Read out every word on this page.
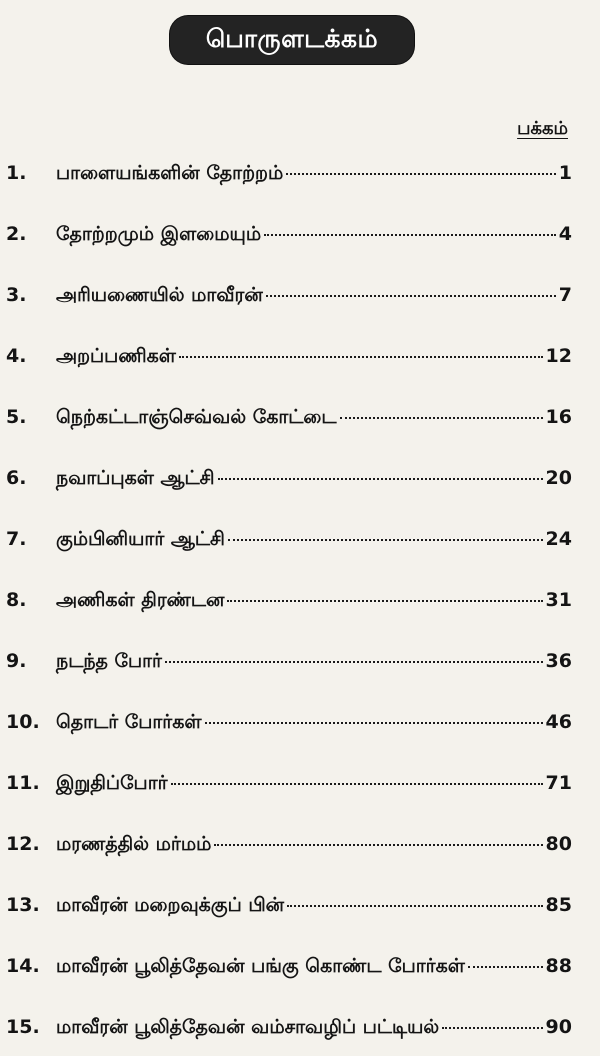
பொருளடக்கம்
பக்கம்
1.	பாளையங்களின் தோற்றம்	1
2.	தோற்றமும் இளமையும்	4
3.	அரியணையில் மாவீரன்	7
4.	அறப்பணிகள்	12
5.	நெற்கட்டாஞ்செவ்வல் கோட்டை	16
6.	நவாப்புகள் ஆட்சி	20
7.	கும்பினியார் ஆட்சி	24
8.	அணிகள் திரண்டன	31
9.	நடந்த போர்	36
10. தொடர் போர்கள்	46
11. இறுதிப்போர்	71
12. மரணத்தில் மர்மம்	80
13. மாவீரன் மறைவுக்குப் பின்	85
14. மாவீரன் பூலித்தேவன் பங்கு கொண்ட போர்கள்	88
15. மாவீரன் பூலித்தேவன் வம்சாவழிப் பட்டியல்	90
